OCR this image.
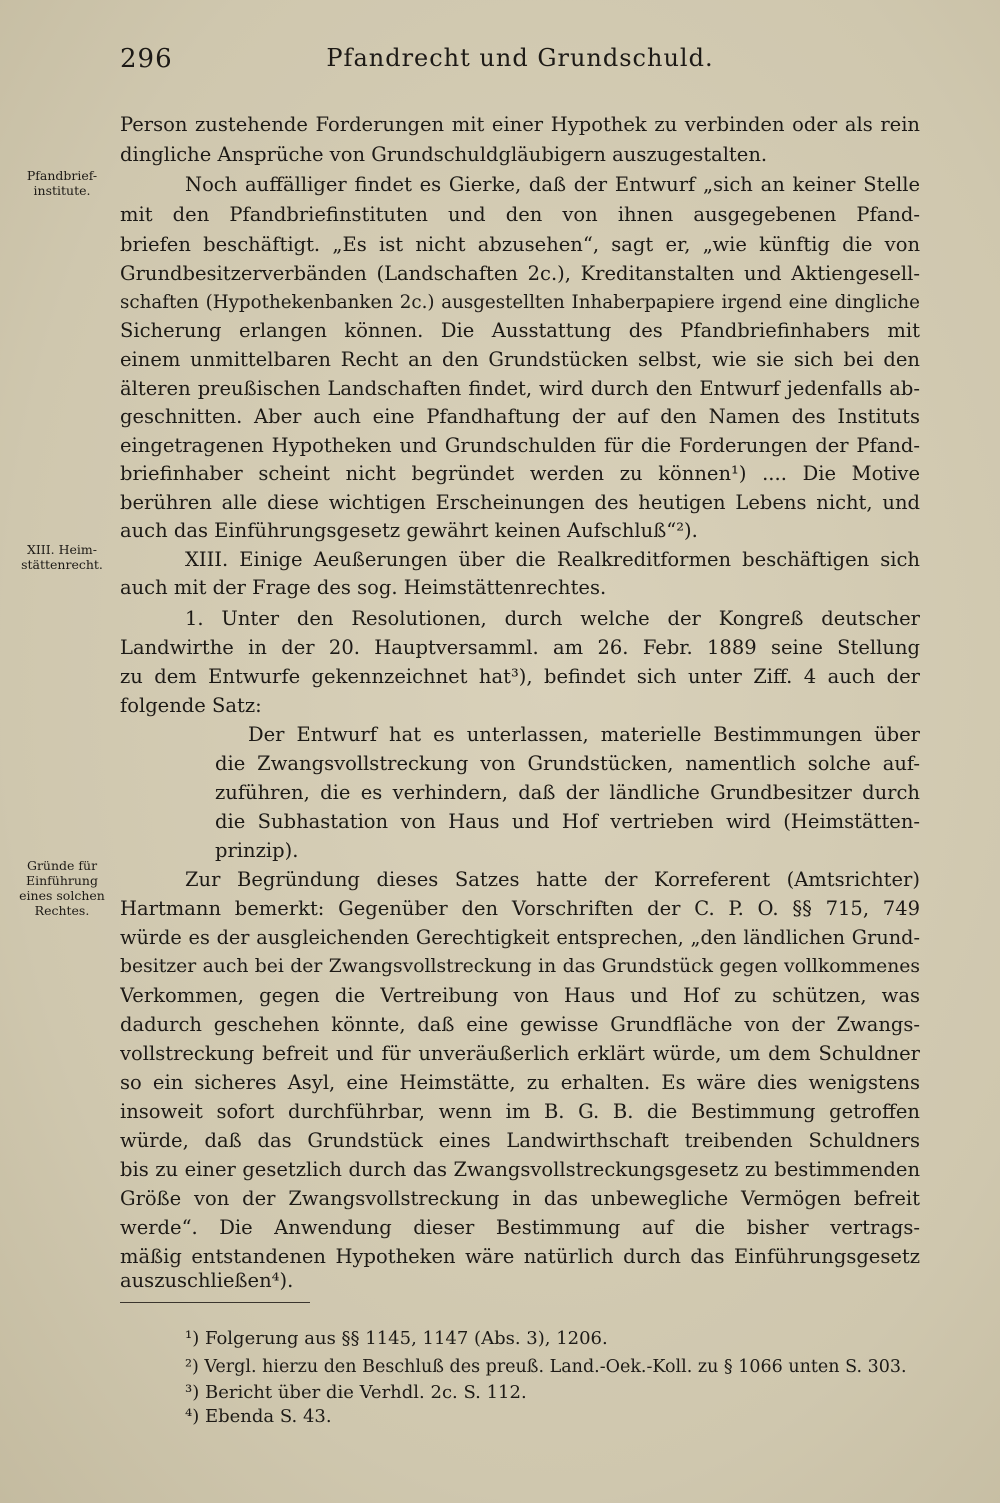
296	Pfandrecht und Grundschuld.
Pfandbrief-
institute.
XIII. Heim-
stättenrecht.
Gründe für
Einführung
eines solchen
Rechtes.
Person zustehende Forderungen mit einer Hypothek zu verbinden oder als rein
dingliche Ansprüche von Grundschuldgläubigern auszugestalten.
Noch auffälliger findet es Gierke, daß der Entwurf „sich an keiner Stelle
mit den Pfandbriefinstituten und den von ihnen ausgegebenen Pfand-
briefen beschäftigt. „Es ist nicht abzusehen“, sagt er, „wie künftig die von
Grundbesitzerverbänden (Landschaften 2c.), Kreditanstalten und Aktiengesell-
schaften (Hypothekenbanken 2c.) ausgestellten Inhaberpapiere irgend eine dingliche
Sicherung erlangen können. Die Ausstattung des Pfandbriefinhabers mit
einem unmittelbaren Recht an den Grundstücken selbst, wie sie sich bei den
älteren preußischen Landschaften findet, wird durch den Entwurf jedenfalls ab-
geschnitten. Aber auch eine Pfandhaftung der auf den Namen des Instituts
eingetragenen Hypotheken und Grundschulden für die Forderungen der Pfand-
briefinhaber scheint nicht begründet werden zu können¹) .... Die Motive
berühren alle diese wichtigen Erscheinungen des heutigen Lebens nicht, und
auch das Einführungsgesetz gewährt keinen Aufschluß“²).
XIII. Einige Aeußerungen über die Realkreditformen beschäftigen sich
auch mit der Frage des sog. Heimstättenrechtes.
1. Unter den Resolutionen, durch welche der Kongreß deutscher
Landwirthe in der 20. Hauptversamml. am 26. Febr. 1889 seine Stellung
zu dem Entwurfe gekennzeichnet hat³), befindet sich unter Ziff. 4 auch der
folgende Satz:
Der Entwurf hat es unterlassen, materielle Bestimmungen über
die Zwangsvollstreckung von Grundstücken, namentlich solche auf-
zuführen, die es verhindern, daß der ländliche Grundbesitzer durch
die Subhastation von Haus und Hof vertrieben wird (Heimstätten-
prinzip).
Zur Begründung dieses Satzes hatte der Korreferent (Amtsrichter)
Hartmann bemerkt: Gegenüber den Vorschriften der C. P. O. §§ 715, 749
würde es der ausgleichenden Gerechtigkeit entsprechen, „den ländlichen Grund-
besitzer auch bei der Zwangsvollstreckung in das Grundstück gegen vollkommenes
Verkommen, gegen die Vertreibung von Haus und Hof zu schützen, was
dadurch geschehen könnte, daß eine gewisse Grundfläche von der Zwangs-
vollstreckung befreit und für unveräußerlich erklärt würde, um dem Schuldner
so ein sicheres Asyl, eine Heimstätte, zu erhalten. Es wäre dies wenigstens
insoweit sofort durchführbar, wenn im B. G. B. die Bestimmung getroffen
würde, daß das Grundstück eines Landwirthschaft treibenden Schuldners
bis zu einer gesetzlich durch das Zwangsvollstreckungsgesetz zu bestimmenden
Größe von der Zwangsvollstreckung in das unbewegliche Vermögen befreit
werde“. Die Anwendung dieser Bestimmung auf die bisher vertrags-
mäßig entstandenen Hypotheken wäre natürlich durch das Einführungsgesetz
auszuschließen⁴).
¹) Folgerung aus §§ 1145, 1147 (Abs. 3), 1206.
²) Vergl. hierzu den Beschluß des preuß. Land.-Oek.-Koll. zu § 1066 unten S. 303.
³) Bericht über die Verhdl. 2c. S. 112.
⁴) Ebenda S. 43.
